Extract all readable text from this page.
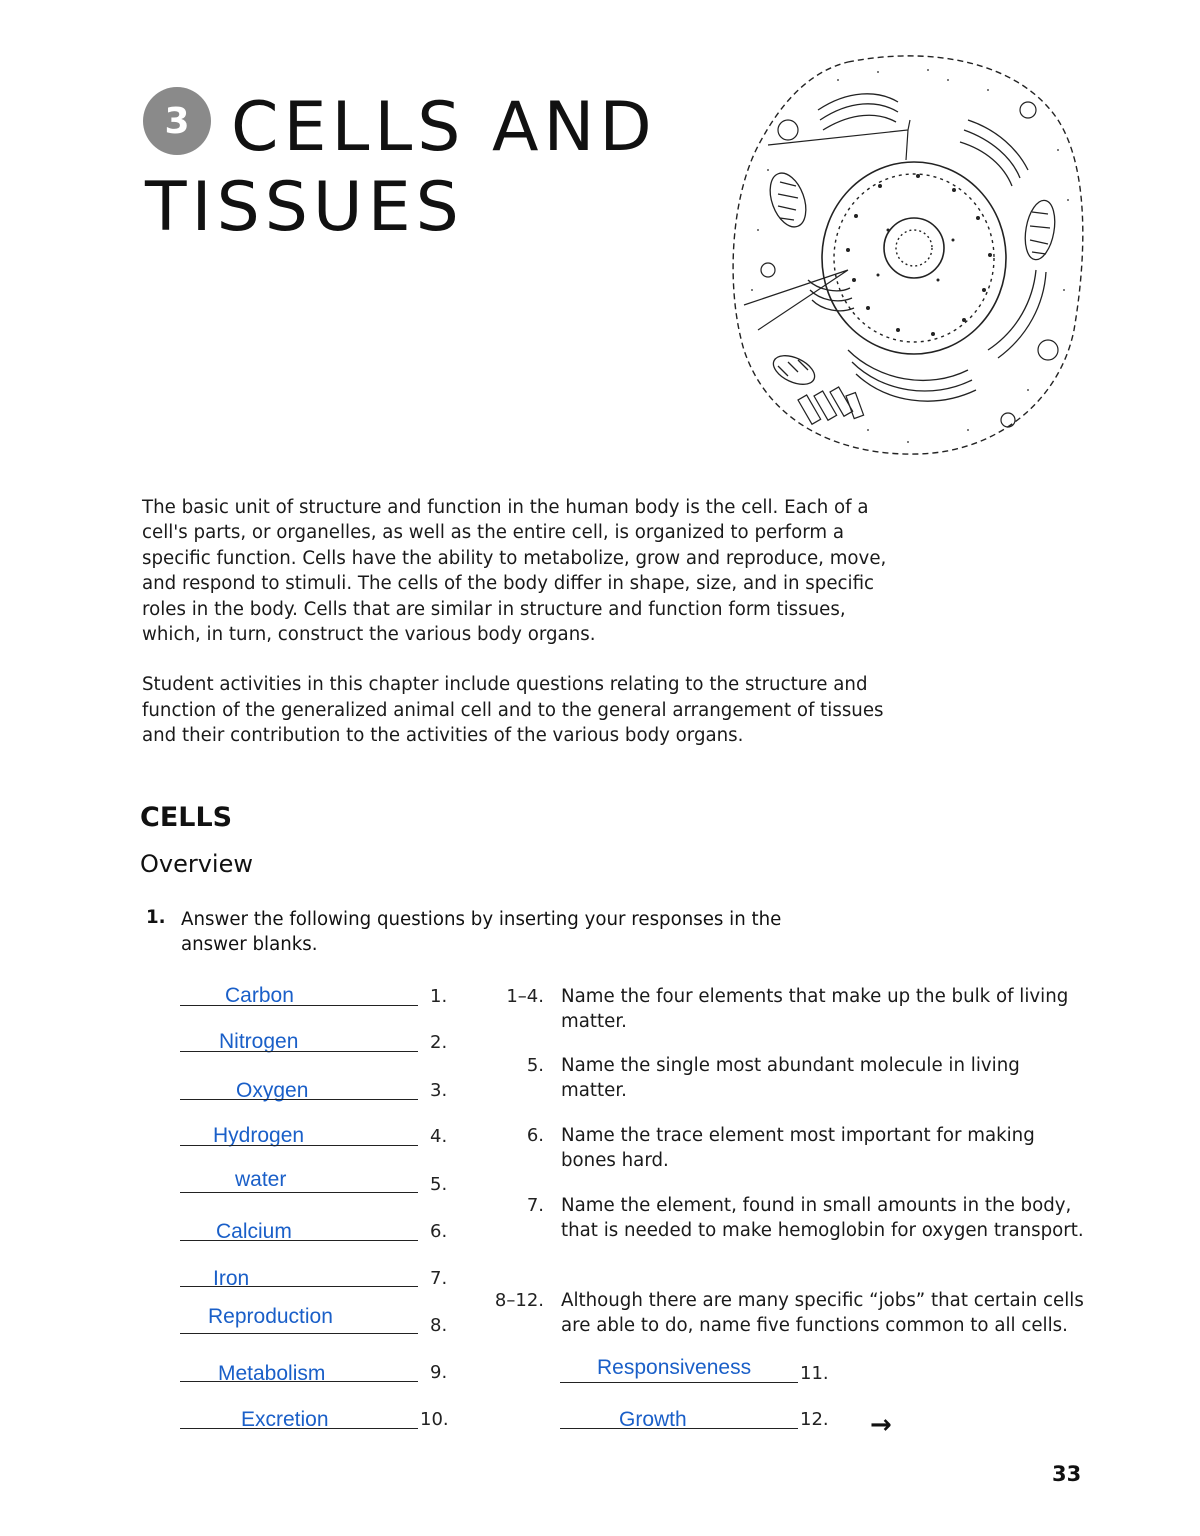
3 CELLS AND
TISSUES

The basic unit of structure and function in the human body is the cell. Each of a cell's parts, or organelles, as well as the entire cell, is organized to perform a specific function. Cells have the ability to metabolize, grow and reproduce, move, and respond to stimuli. The cells of the body differ in shape, size, and in specific roles in the body. Cells that are similar in structure and function form tissues, which, in turn, construct the various body organs.

Student activities in this chapter include questions relating to the structure and function of the generalized animal cell and to the general arrangement of tissues and their contribution to the activities of the various body organs.

CELLS
Overview
1. Answer the following questions by inserting your responses in the answer blanks.
Carbon	1.
Nitrogen	2.
Oxygen	3.
Hydrogen	4.
water	5.
Calcium	6.
Iron	7.
Reproduction	8.
Metabolism	9.
Excretion	10.
1–4. Name the four elements that make up the bulk of living matter.
5. Name the single most abundant molecule in living matter.
6. Name the trace element most important for making bones hard.
7. Name the element, found in small amounts in the body, that is needed to make hemoglobin for oxygen transport.
8–12. Although there are many specific “jobs” that certain cells are able to do, name five functions common to all cells.
Responsiveness	11.
Growth	12. →
33
